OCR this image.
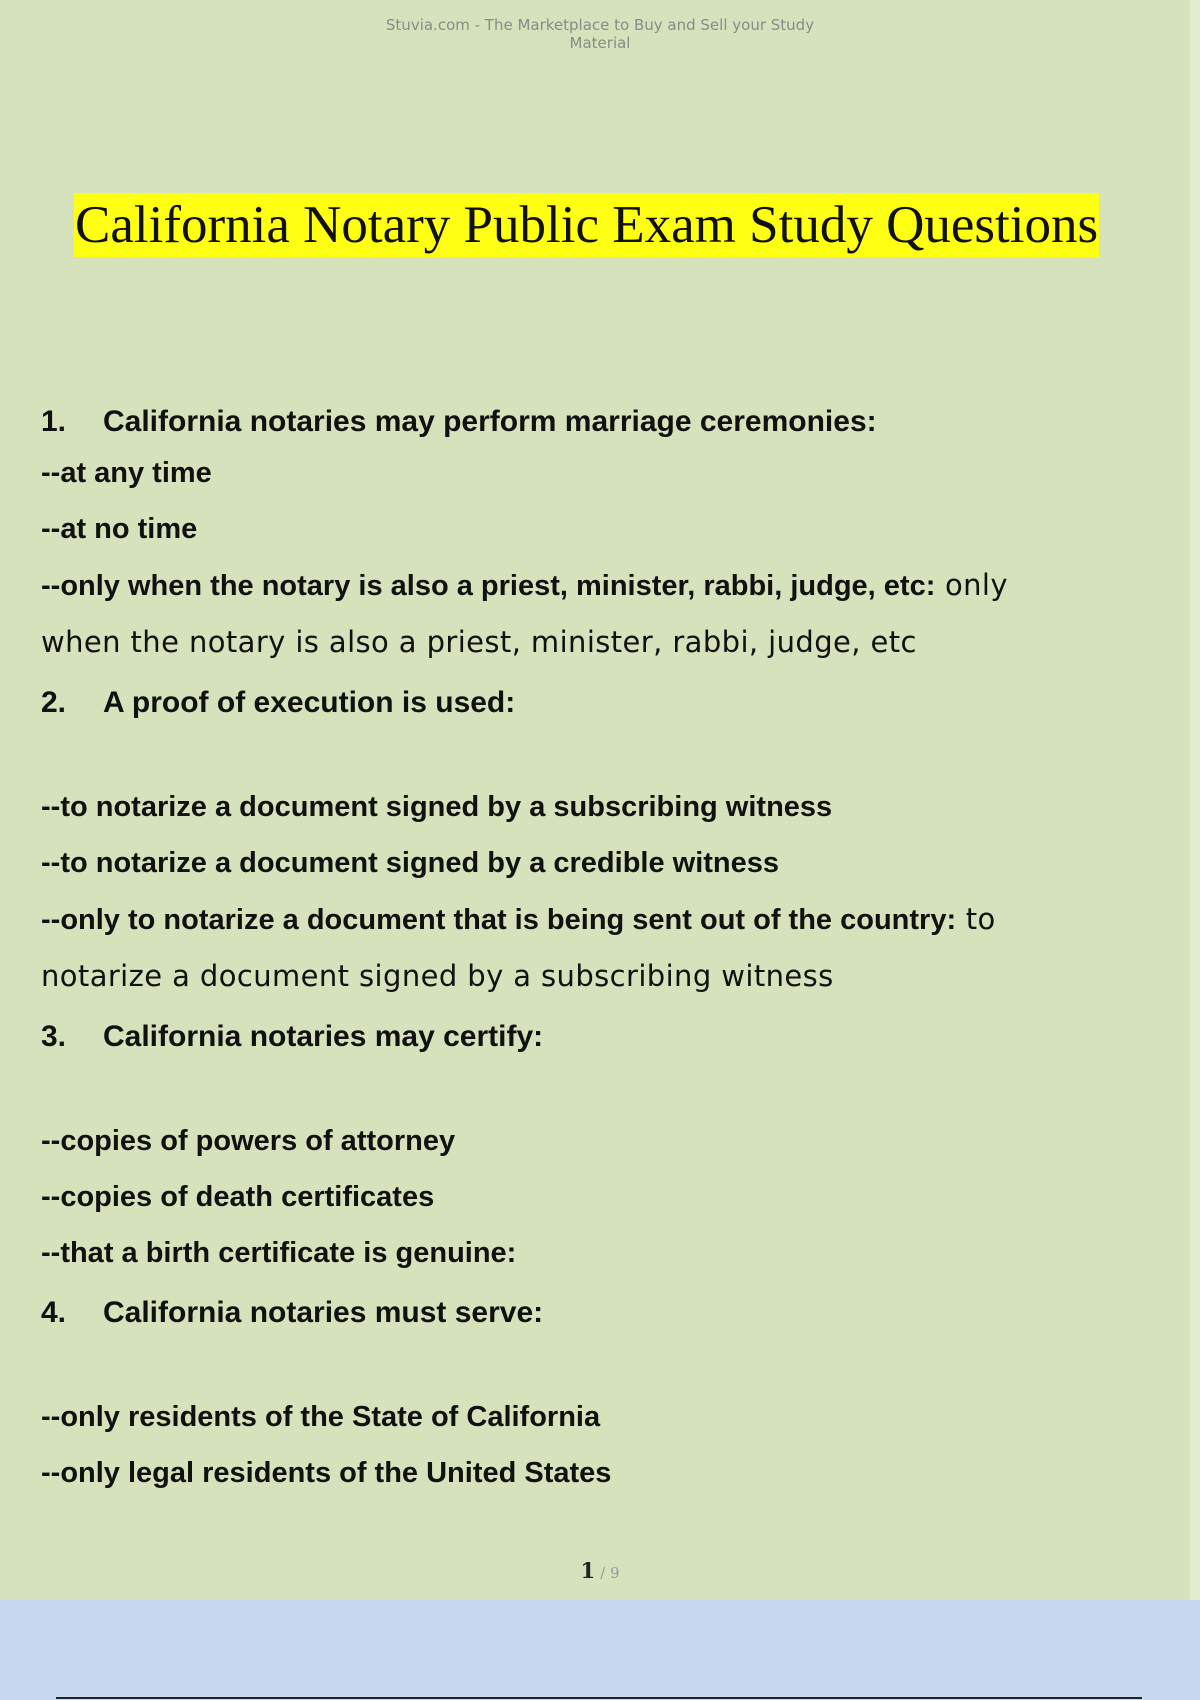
Stuvia.com - The Marketplace to Buy and Sell your Study
Material
California Notary Public Exam Study Questions
1. California notaries may perform marriage ceremonies:
--at any time
--at no time
--only when the notary is also a priest, minister, rabbi, judge, etc: only
when the notary is also a priest, minister, rabbi, judge, etc
2. A proof of execution is used:
--to notarize a document signed by a subscribing witness
--to notarize a document signed by a credible witness
--only to notarize a document that is being sent out of the country: to
notarize a document signed by a subscribing witness
3. California notaries may certify:
--copies of powers of attorney
--copies of death certificates
--that a birth certificate is genuine:
4. California notaries must serve:
--only residents of the State of California
--only legal residents of the United States
1 / 9
